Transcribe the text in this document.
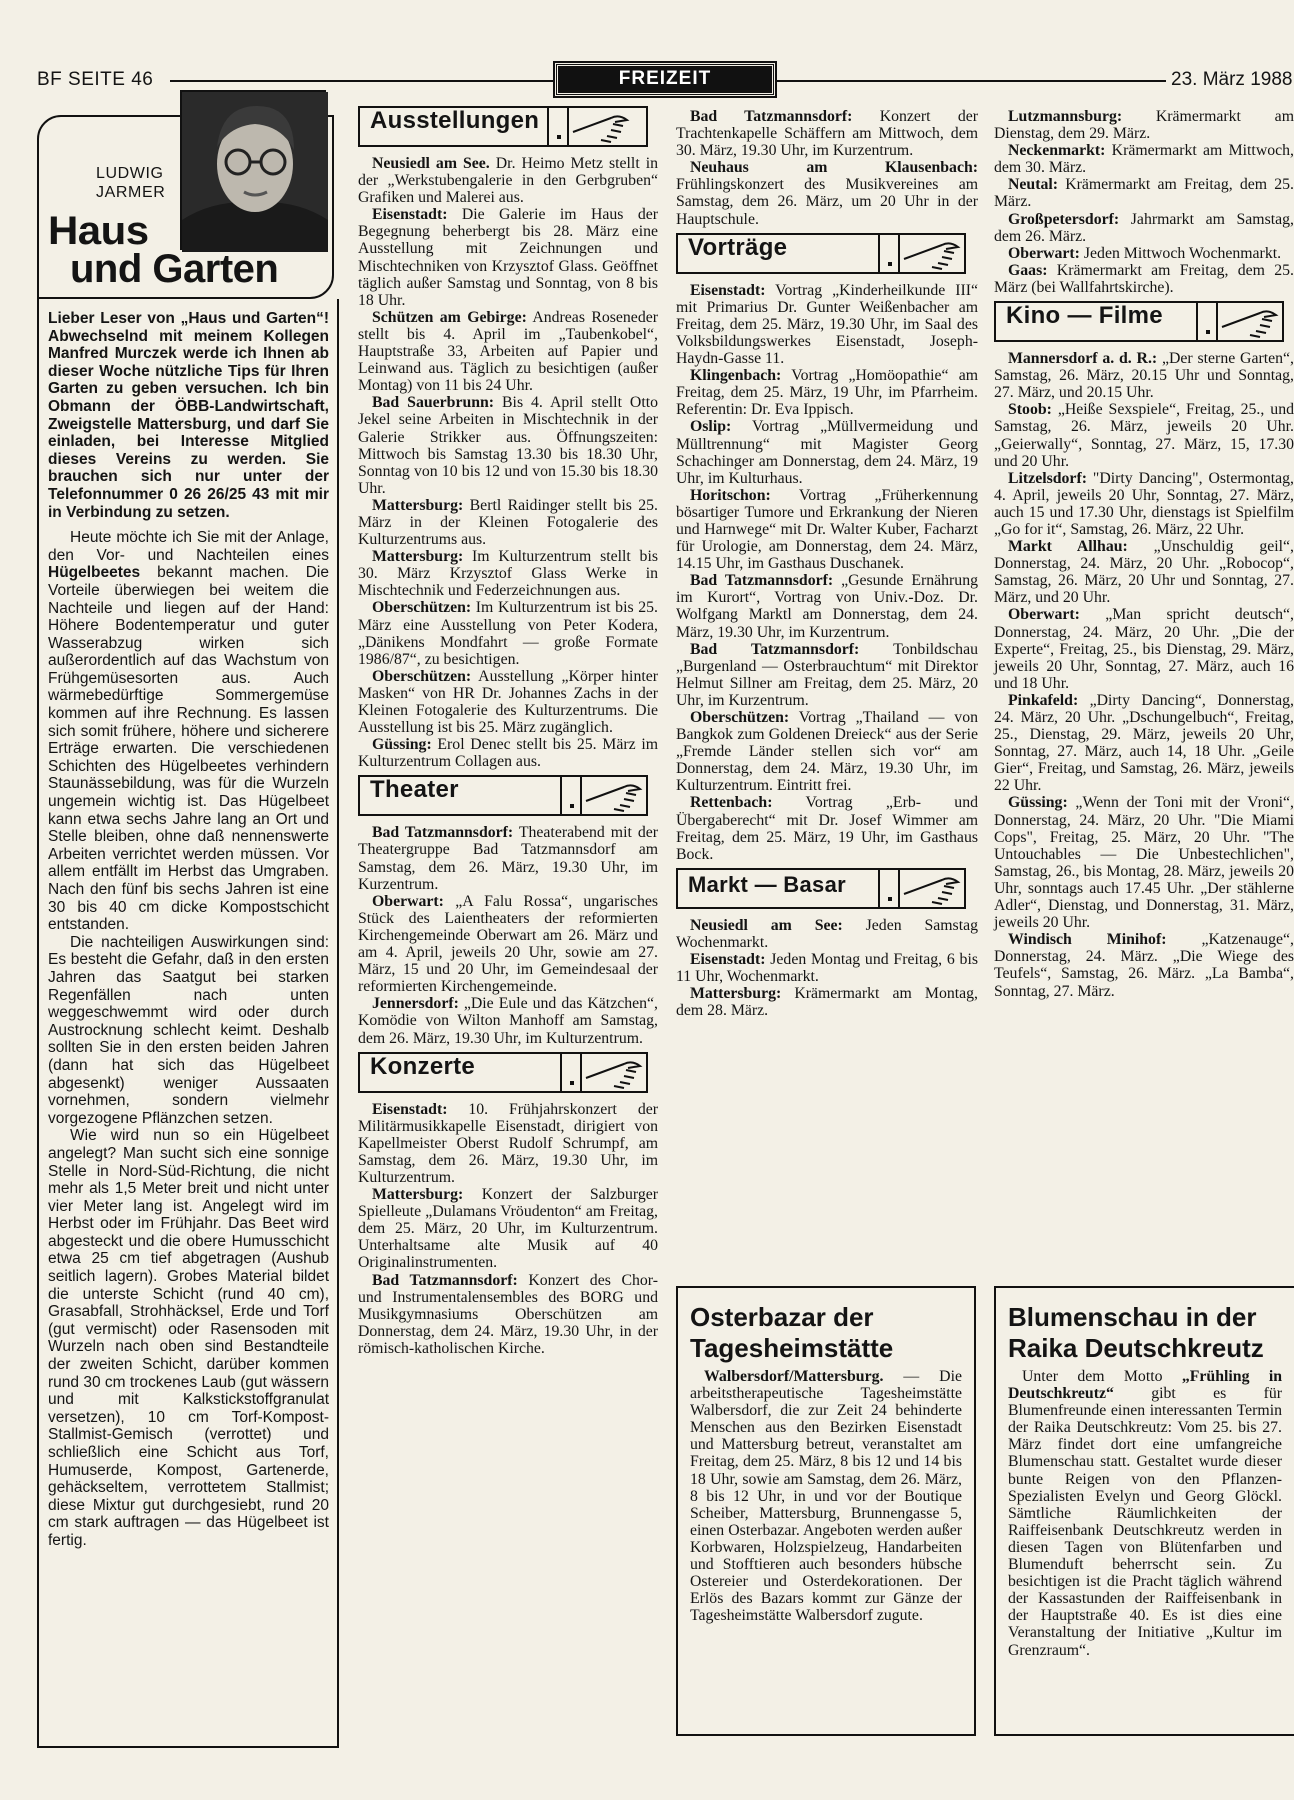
BF SEITE 46	FREIZEIT	23. März 1988
LUDWIG
JARMER
Haus
und Garten

Lieber Leser von „Haus und Garten“! Abwechselnd mit meinem Kollegen Manfred Murczek werde ich Ihnen ab dieser Woche nützliche Tips für Ihren Garten zu geben versuchen. Ich bin Obmann der ÖBB-Landwirtschaft, Zweigstelle Mattersburg, und darf Sie einladen, bei Interesse Mitglied dieses Vereins zu werden. Sie brauchen sich nur unter der Telefonnummer 0 26 26/25 43 mit mir in Verbindung zu setzen.

Heute möchte ich Sie mit der Anlage, den Vor- und Nachteilen eines Hügelbeetes bekannt machen. Die Vorteile überwiegen bei weitem die Nachteile und liegen auf der Hand: Höhere Bodentemperatur und guter Wasserabzug wirken sich außerordentlich auf das Wachstum von Frühgemüsesorten aus. Auch wärmebedürftige Sommergemüse kommen auf ihre Rechnung. Es lassen sich somit frühere, höhere und sicherere Erträge erwarten. Die verschiedenen Schichten des Hügelbeetes verhindern Staunässebildung, was für die Wurzeln ungemein wichtig ist. Das Hügelbeet kann etwa sechs Jahre lang an Ort und Stelle bleiben, ohne daß nennenswerte Arbeiten verrichtet werden müssen. Vor allem entfällt im Herbst das Umgraben. Nach den fünf bis sechs Jahren ist eine 30 bis 40 cm dicke Kompostschicht entstanden.

Die nachteiligen Auswirkungen sind: Es besteht die Gefahr, daß in den ersten Jahren das Saatgut bei starken Regenfällen nach unten weggeschwemmt wird oder durch Austrocknung schlecht keimt. Deshalb sollten Sie in den ersten beiden Jahren (dann hat sich das Hügelbeet abgesenkt) weniger Aussaaten vornehmen, sondern vielmehr vorgezogene Pflänzchen setzen.

Wie wird nun so ein Hügelbeet angelegt? Man sucht sich eine sonnige Stelle in Nord-Süd-Richtung, die nicht mehr als 1,5 Meter breit und nicht unter vier Meter lang ist. Angelegt wird im Herbst oder im Frühjahr. Das Beet wird abgesteckt und die obere Humusschicht etwa 25 cm tief abgetragen (Aushub seitlich lagern). Grobes Material bildet die unterste Schicht (rund 40 cm), Grasabfall, Strohhäcksel, Erde und Torf (gut vermischt) oder Rasensoden mit Wurzeln nach oben sind Bestandteile der zweiten Schicht, darüber kommen rund 30 cm trockenes Laub (gut wässern und mit Kalkstickstoffgranulat versetzen), 10 cm Torf-Kompost-Stallmist-Gemisch (verrottet) und schließlich eine Schicht aus Torf, Humuserde, Kompost, Gartenerde, gehäckseltem, verrottetem Stallmist; diese Mixtur gut durchgesiebt, rund 20 cm stark auftragen — das Hügelbeet ist fertig.

Ausstellungen

Neusiedl am See. Dr. Heimo Metz stellt in der „Werkstubengalerie in den Gerbgruben“ Grafiken und Malerei aus.

Eisenstadt: Die Galerie im Haus der Begegnung beherbergt bis 28. März eine Ausstellung mit Zeichnungen und Mischtechniken von Krzysztof Glass. Geöffnet täglich außer Samstag und Sonntag, von 8 bis 18 Uhr.

Schützen am Gebirge: Andreas Roseneder stellt bis 4. April im „Taubenkobel“, Hauptstraße 33, Arbeiten auf Papier und Leinwand aus. Täglich zu besichtigen (außer Montag) von 11 bis 24 Uhr.

Bad Sauerbrunn: Bis 4. April stellt Otto Jekel seine Arbeiten in Mischtechnik in der Galerie Strikker aus. Öffnungszeiten: Mittwoch bis Samstag 13.30 bis 18.30 Uhr, Sonntag von 10 bis 12 und von 15.30 bis 18.30 Uhr.

Mattersburg: Bertl Raidinger stellt bis 25. März in der Kleinen Fotogalerie des Kulturzentrums aus.

Mattersburg: Im Kulturzentrum stellt bis 30. März Krzysztof Glass Werke in Mischtechnik und Federzeichnungen aus.

Oberschützen: Im Kulturzentrum ist bis 25. März eine Ausstellung von Peter Kodera, „Dänikens Mondfahrt — große Formate 1986/87“, zu besichtigen.

Oberschützen: Ausstellung „Körper hinter Masken“ von HR Dr. Johannes Zachs in der Kleinen Fotogalerie des Kulturzentrums. Die Ausstellung ist bis 25. März zugänglich.

Güssing: Erol Denec stellt bis 25. März im Kulturzentrum Collagen aus.

Theater

Bad Tatzmannsdorf: Theaterabend mit der Theatergruppe Bad Tatzmannsdorf am Samstag, dem 26. März, 19.30 Uhr, im Kurzentrum.

Oberwart: „A Falu Rossa“, ungarisches Stück des Laientheaters der reformierten Kirchengemeinde Oberwart am 26. März und am 4. April, jeweils 20 Uhr, sowie am 27. März, 15 und 20 Uhr, im Gemeindesaal der reformierten Kirchengemeinde.

Jennersdorf: „Die Eule und das Kätzchen“, Komödie von Wilton Manhoff am Samstag, dem 26. März, 19.30 Uhr, im Kulturzentrum.

Konzerte

Eisenstadt: 10. Frühjahrskonzert der Militärmusikkapelle Eisenstadt, dirigiert von Kapellmeister Oberst Rudolf Schrumpf, am Samstag, dem 26. März, 19.30 Uhr, im Kulturzentrum.

Mattersburg: Konzert der Salzburger Spielleute „Dulamans Vröudenton“ am Freitag, dem 25. März, 20 Uhr, im Kulturzentrum. Unterhaltsame alte Musik auf 40 Originalinstrumenten.

Bad Tatzmannsdorf: Konzert des Chor- und Instrumentalensembles des BORG und Musikgymnasiums Oberschützen am Donnerstag, dem 24. März, 19.30 Uhr, in der römisch-katholischen Kirche.

Bad Tatzmannsdorf: Konzert der Trachtenkapelle Schäffern am Mittwoch, dem 30. März, 19.30 Uhr, im Kurzentrum.

Neuhaus am Klausenbach: Frühlingskonzert des Musikvereines am Samstag, dem 26. März, um 20 Uhr in der Hauptschule.

Vorträge

Eisenstadt: Vortrag „Kinderheilkunde III“ mit Primarius Dr. Gunter Weißenbacher am Freitag, dem 25. März, 19.30 Uhr, im Saal des Volksbildungswerkes Eisenstadt, Joseph-Haydn-Gasse 11.

Klingenbach: Vortrag „Homöopathie“ am Freitag, dem 25. März, 19 Uhr, im Pfarrheim. Referentin: Dr. Eva Ippisch.

Oslip: Vortrag „Müllvermeidung und Mülltrennung“ mit Magister Georg Schachinger am Donnerstag, dem 24. März, 19 Uhr, im Kulturhaus.

Horitschon: Vortrag „Früherkennung bösartiger Tumore und Erkrankung der Nieren und Harnwege“ mit Dr. Walter Kuber, Facharzt für Urologie, am Donnerstag, dem 24. März, 14.15 Uhr, im Gasthaus Duschanek.

Bad Tatzmannsdorf: „Gesunde Ernährung im Kurort“, Vortrag von Univ.-Doz. Dr. Wolfgang Marktl am Donnerstag, dem 24. März, 19.30 Uhr, im Kurzentrum.

Bad Tatzmannsdorf: Tonbildschau „Burgenland — Osterbrauchtum“ mit Direktor Helmut Sillner am Freitag, dem 25. März, 20 Uhr, im Kurzentrum.

Oberschützen: Vortrag „Thailand — von Bangkok zum Goldenen Dreieck“ aus der Serie „Fremde Länder stellen sich vor“ am Donnerstag, dem 24. März, 19.30 Uhr, im Kulturzentrum. Eintritt frei.

Rettenbach: Vortrag „Erb- und Übergaberecht“ mit Dr. Josef Wimmer am Freitag, dem 25. März, 19 Uhr, im Gasthaus Bock.

Markt — Basar

Neusiedl am See: Jeden Samstag Wochenmarkt.

Eisenstadt: Jeden Montag und Freitag, 6 bis 11 Uhr, Wochenmarkt.

Mattersburg: Krämermarkt am Montag, dem 28. März.

Osterbazar der Tagesheimstätte

Walbersdorf/Mattersburg. — Die arbeitstherapeutische Tagesheimstätte Walbersdorf, die zur Zeit 24 behinderte Menschen aus den Bezirken Eisenstadt und Mattersburg betreut, veranstaltet am Freitag, dem 25. März, 8 bis 12 und 14 bis 18 Uhr, sowie am Samstag, dem 26. März, 8 bis 12 Uhr, in und vor der Boutique Scheiber, Mattersburg, Brunnengasse 5, einen Osterbazar. Angeboten werden außer Korbwaren, Holzspielzeug, Handarbeiten und Stofftieren auch besonders hübsche Ostereier und Osterdekorationen. Der Erlös des Bazars kommt zur Gänze der Tagesheimstätte Walbersdorf zugute.

Lutzmannsburg: Krämermarkt am Dienstag, dem 29. März.

Neckenmarkt: Krämermarkt am Mittwoch, dem 30. März.

Neutal: Krämermarkt am Freitag, dem 25. März.

Großpetersdorf: Jahrmarkt am Samstag, dem 26. März.

Oberwart: Jeden Mittwoch Wochenmarkt.

Gaas: Krämermarkt am Freitag, dem 25. März (bei Wallfahrtskirche).

Kino — Filme

Mannersdorf a. d. R.: „Der sterne Garten“, Samstag, 26. März, 20.15 Uhr und Sonntag, 27. März, und 20.15 Uhr.

Stoob: „Heiße Sexspiele“, Freitag, 25., und Samstag, 26. März, jeweils 20 Uhr. „Geierwally“, Sonntag, 27. März, 15, 17.30 und 20 Uhr.

Litzelsdorf: "Dirty Dancing", Ostermontag, 4. April, jeweils 20 Uhr, Sonntag, 27. März, auch 15 und 17.30 Uhr, dienstags ist Spielfilm „Go for it“, Samstag, 26. März, 22 Uhr.

Markt Allhau: „Unschuldig geil“, Donnerstag, 24. März, 20 Uhr. „Robocop“, Samstag, 26. März, 20 Uhr und Sonntag, 27. März, und 20 Uhr.

Oberwart: „Man spricht deutsch“, Donnerstag, 24. März, 20 Uhr. „Die der Experte“, Freitag, 25., bis Dienstag, 29. März, jeweils 20 Uhr, Sonntag, 27. März, auch 16 und 18 Uhr.

Pinkafeld: „Dirty Dancing“, Donnerstag, 24. März, 20 Uhr. „Dschungelbuch“, Freitag, 25., Dienstag, 29. März, jeweils 20 Uhr, Sonntag, 27. März, auch 14, 18 Uhr. „Geile Gier“, Freitag, und Samstag, 26. März, jeweils 22 Uhr.

Güssing: „Wenn der Toni mit der Vroni“, Donnerstag, 24. März, 20 Uhr. "Die Miami Cops", Freitag, 25. März, 20 Uhr. "The Untouchables — Die Unbestechlichen", Samstag, 26., bis Montag, 28. März, jeweils 20 Uhr, sonntags auch 17.45 Uhr. „Der stählerne Adler“, Dienstag, und Donnerstag, 31. März, jeweils 20 Uhr.

Windisch Minihof: „Katzenauge“, Donnerstag, 24. März. „Die Wiege des Teufels“, Samstag, 26. März. „La Bamba“, Sonntag, 27. März.

Blumenschau in der Raika Deutschkreutz

Unter dem Motto „Frühling in Deutschkreutz“ gibt es für Blumenfreunde einen interessanten Termin der Raika Deutschkreutz: Vom 25. bis 27. März findet dort eine umfangreiche Blumenschau statt. Gestaltet wurde dieser bunte Reigen von den Pflanzen-Spezialisten Evelyn und Georg Glöckl. Sämtliche Räumlichkeiten der Raiffeisenbank Deutschkreutz werden in diesen Tagen von Blütenfarben und Blumenduft beherrscht sein. Zu besichtigen ist die Pracht täglich während der Kassastunden der Raiffeisenbank in der Hauptstraße 40. Es ist dies eine Veranstaltung der Initiative „Kultur im Grenzraum“.
